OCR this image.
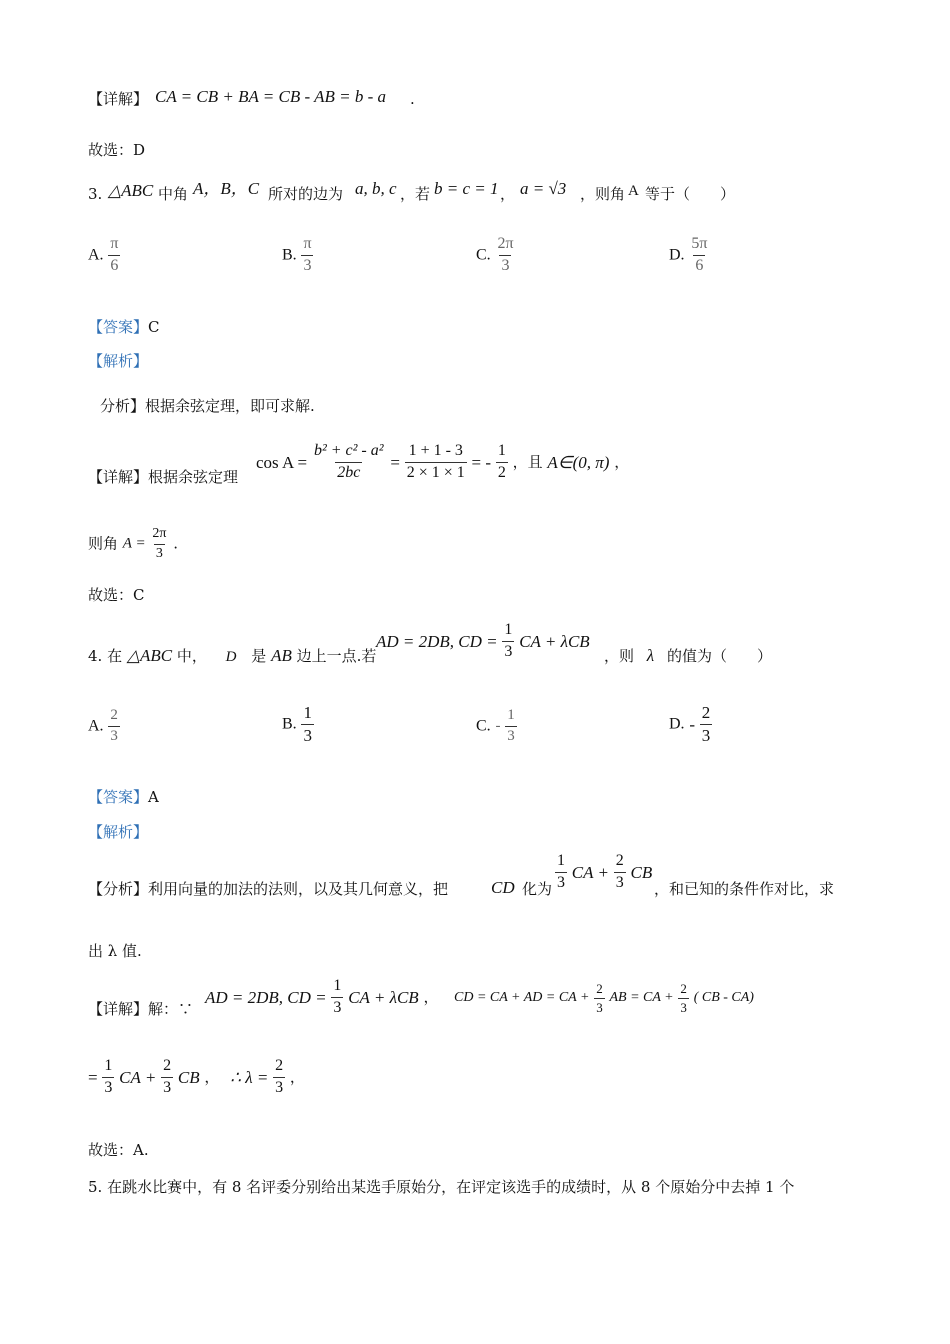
【详解】 CA = CB + BA = CB - AB = b - a .
故选：D
3. △ABC 中角 A，B，C 所对的边为 a, b, c ，若 b = c = 1 ， a = √3 ，则角 A 等于（　　）
A. $\frac{\pi}{6}$	B. $\frac{\pi}{3}$	C. $\frac{2\pi}{3}$	D. $\frac{5\pi}{6}$
【答案】C
【解析】
分析】根据余弦定理，即可求解.
【详解】根据余弦定理
$\cos A = \frac{\text{b² + c² - a²}}{2bc} = \frac{1 + 1 - 3}{2 \times 1 \times 1}$ = - $\frac{1}{2}$ ，且 A∈(0, π) ，
则角 $A = \frac{2\pi}{3}$ .
故选：C
4. 在 △ABC 中， D 是 AB 边上一点.若
AD = 2DB, CD = $\frac{1}{3}$ CA + λCB
，则 λ 的值为（　　）
A. $\frac{2}{3}$	B. $\frac{1}{3}$	C. - $\frac{1}{3}$	D. - $\frac{2}{3}$
【答案】A
【解析】
【分析】利用向量的加法的法则，以及其几何意义，把	CD 化为 $\frac{1}{3}$ CA + $\frac{2}{3}$ CB
，和已知的条件作对比，求
出 λ 值.
【详解】解：∵
AD = 2DB, CD = $\frac{1}{3}$ CA + λCB ， CD = CA + AD = CA + $\frac{2}{3}$ AB = CA + $\frac{2}{3}$ ( CB - CA)
= $\frac{1}{3}$ CA + $\frac{2}{3}$ CB ， ∴ $\lambda = \frac{2}{3}$ ，
故选：A.
5. 在跳水比赛中，有 8 名评委分别给出某选手原始分，在评定该选手的成绩时，从 8 个原始分中去掉 1 个
